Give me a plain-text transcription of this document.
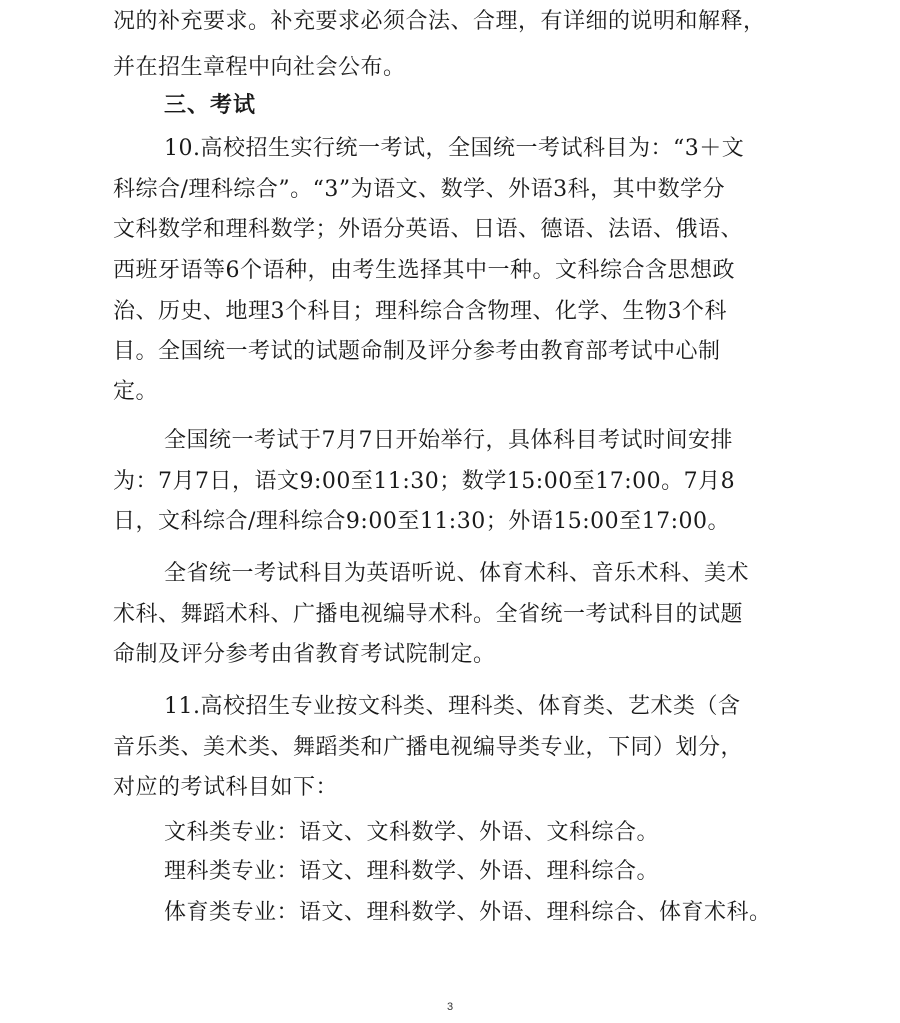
况的补充要求。补充要求必须合法、合理，有详细的说明和解释，
并在招生章程中向社会公布。
三、考试
10.高校招生实行统一考试，全国统一考试科目为：“3＋文
科综合/理科综合”。“3”为语文、数学、外语3科，其中数学分
文科数学和理科数学；外语分英语、日语、德语、法语、俄语、
西班牙语等6个语种，由考生选择其中一种。文科综合含思想政
治、历史、地理3个科目；理科综合含物理、化学、生物3个科
目。全国统一考试的试题命制及评分参考由教育部考试中心制
定。
全国统一考试于7月7日开始举行，具体科目考试时间安排
为：7月7日，语文9:00至11:30；数学15:00至17:00。7月8
日，文科综合/理科综合9:00至11:30；外语15:00至17:00。
全省统一考试科目为英语听说、体育术科、音乐术科、美术
术科、舞蹈术科、广播电视编导术科。全省统一考试科目的试题
命制及评分参考由省教育考试院制定。
11.高校招生专业按文科类、理科类、体育类、艺术类（含
音乐类、美术类、舞蹈类和广播电视编导类专业，下同）划分，
对应的考试科目如下：
文科类专业：语文、文科数学、外语、文科综合。
理科类专业：语文、理科数学、外语、理科综合。
体育类专业：语文、理科数学、外语、理科综合、体育术科。
3
